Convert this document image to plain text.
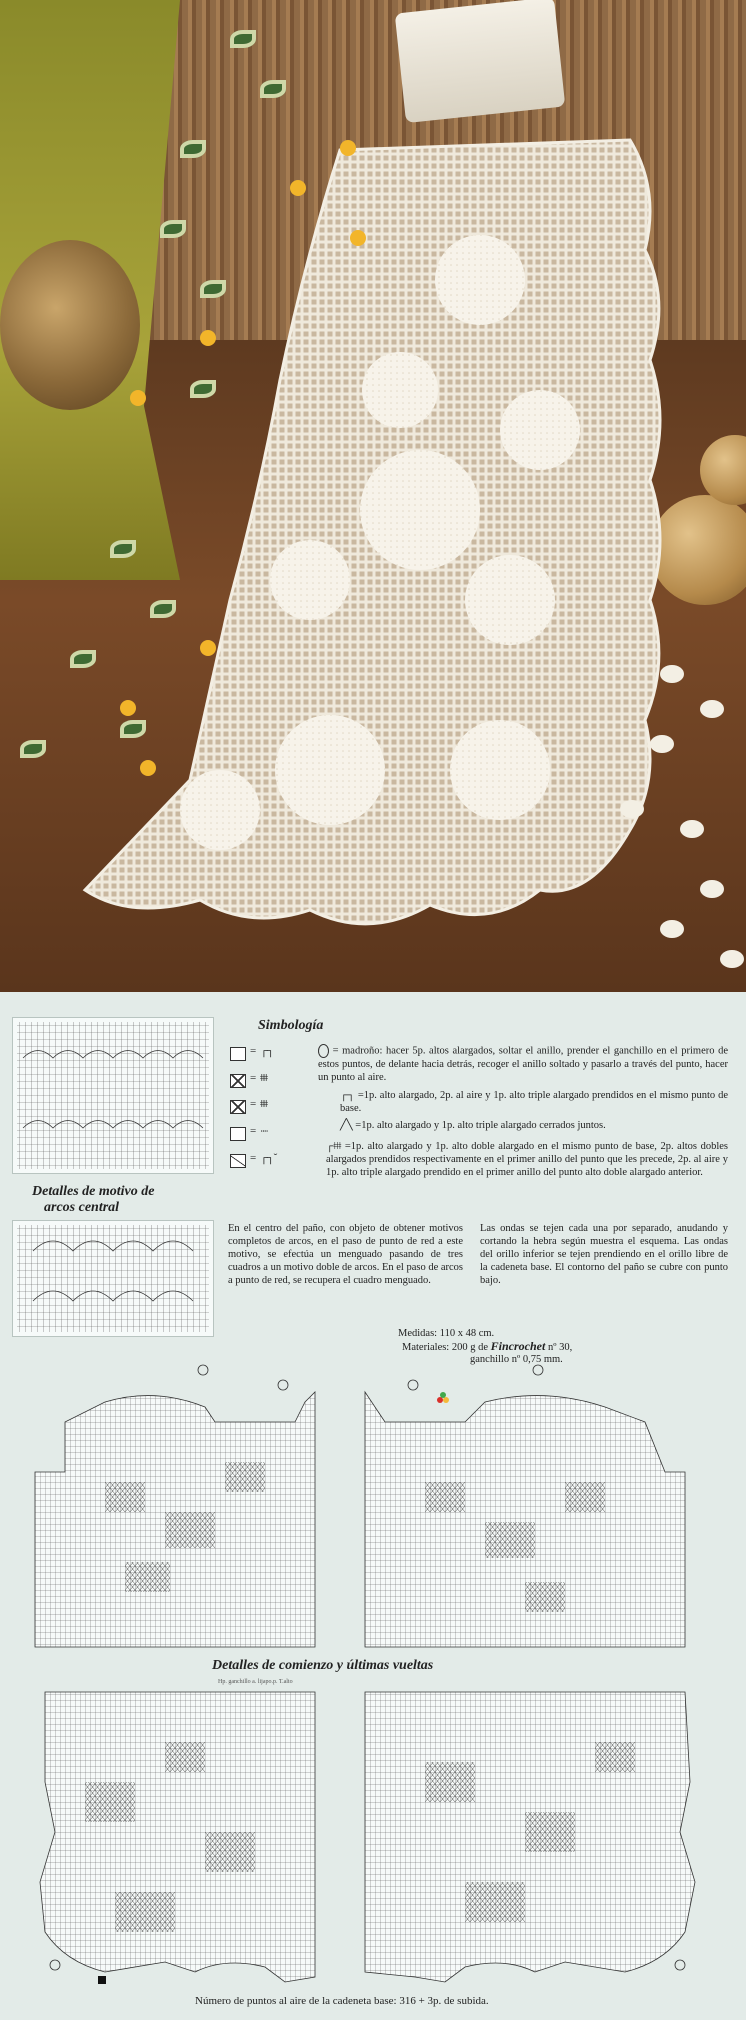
Detalles de motivo de
arcos central
Simbología
= ┌┐
= ǂǂǂǂ
= ǂǂǂǂ
= ᐧᐧᐧᐧ
= ┌┐ˇ
= madroño: hacer 5p. altos alargados, soltar el anillo, prender el ganchillo en el primero de estos puntos, de delante hacia detrás, recoger el anillo soltado y pasarlo a través del punto, hacer un punto al aire.
┌┐ =1p. alto alargado, 2p. al aire y 1p. alto triple alargado prendidos en el mismo punto de base.
╱╲ =1p. alto alargado y 1p. alto triple alargado cerrados juntos.
┌ǂǂǂ =1p. alto alargado y 1p. alto doble alargado en el mismo punto de base, 2p. altos dobles alargados prendidos respectivamente en el primer anillo del punto que les precede, 2p. al aire y 1p. alto triple alargado prendido en el primer anillo del punto alto doble alargado anterior.
En el centro del paño, con objeto de obtener motivos completos de arcos, en el paso de punto de red a este motivo, se efectúa un menguado pasando de tres cuadros a un motivo doble de arcos. En el paso de arcos a punto de red, se recupera el cuadro menguado.
Las ondas se tejen cada una por separado, anudando y cortando la hebra según muestra el esquema. Las ondas del orillo inferior se tejen prendiendo en el orillo libre de la cadeneta base. El contorno del paño se cubre con punto bajo.
Medidas: 110 x 48 cm.
Materiales: 200 g de Fincrochet nº 30,
ganchillo nº 0,75 mm.
Detalles de comienzo y últimas vueltas
Hp. ganchillo a. lijapo.p. T.alto
Número de puntos al aire de la cadeneta base: 316 + 3p. de subida.
